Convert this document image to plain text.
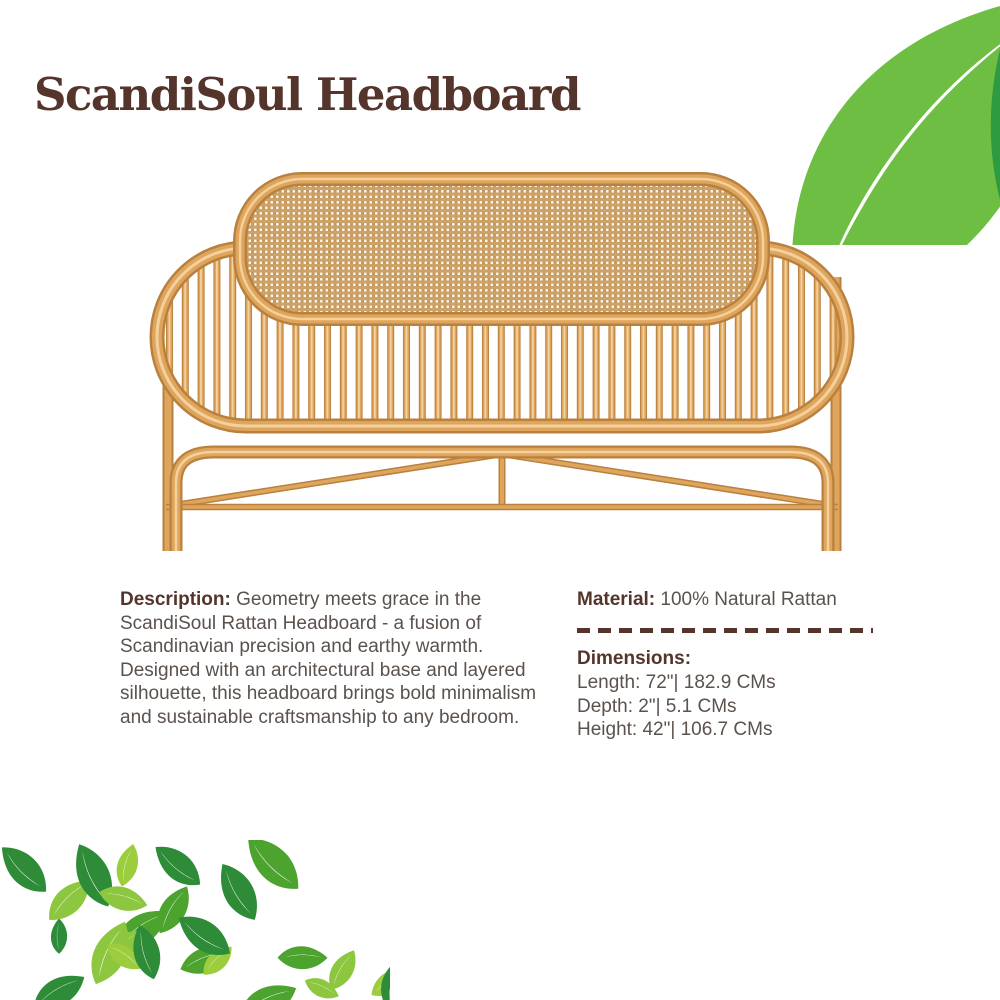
ScandiSoul Headboard
Description: Geometry meets grace in the ScandiSoul Rattan Headboard - a fusion of Scandinavian precision and earthy warmth. Designed with an architectural base and layered silhouette, this headboard brings bold minimalism and sustainable craftsmanship to any bedroom.
Material: 100% Natural Rattan
Dimensions:
Length: 72"| 182.9 CMs
Depth: 2"| 5.1 CMs
Height: 42"| 106.7 CMs
